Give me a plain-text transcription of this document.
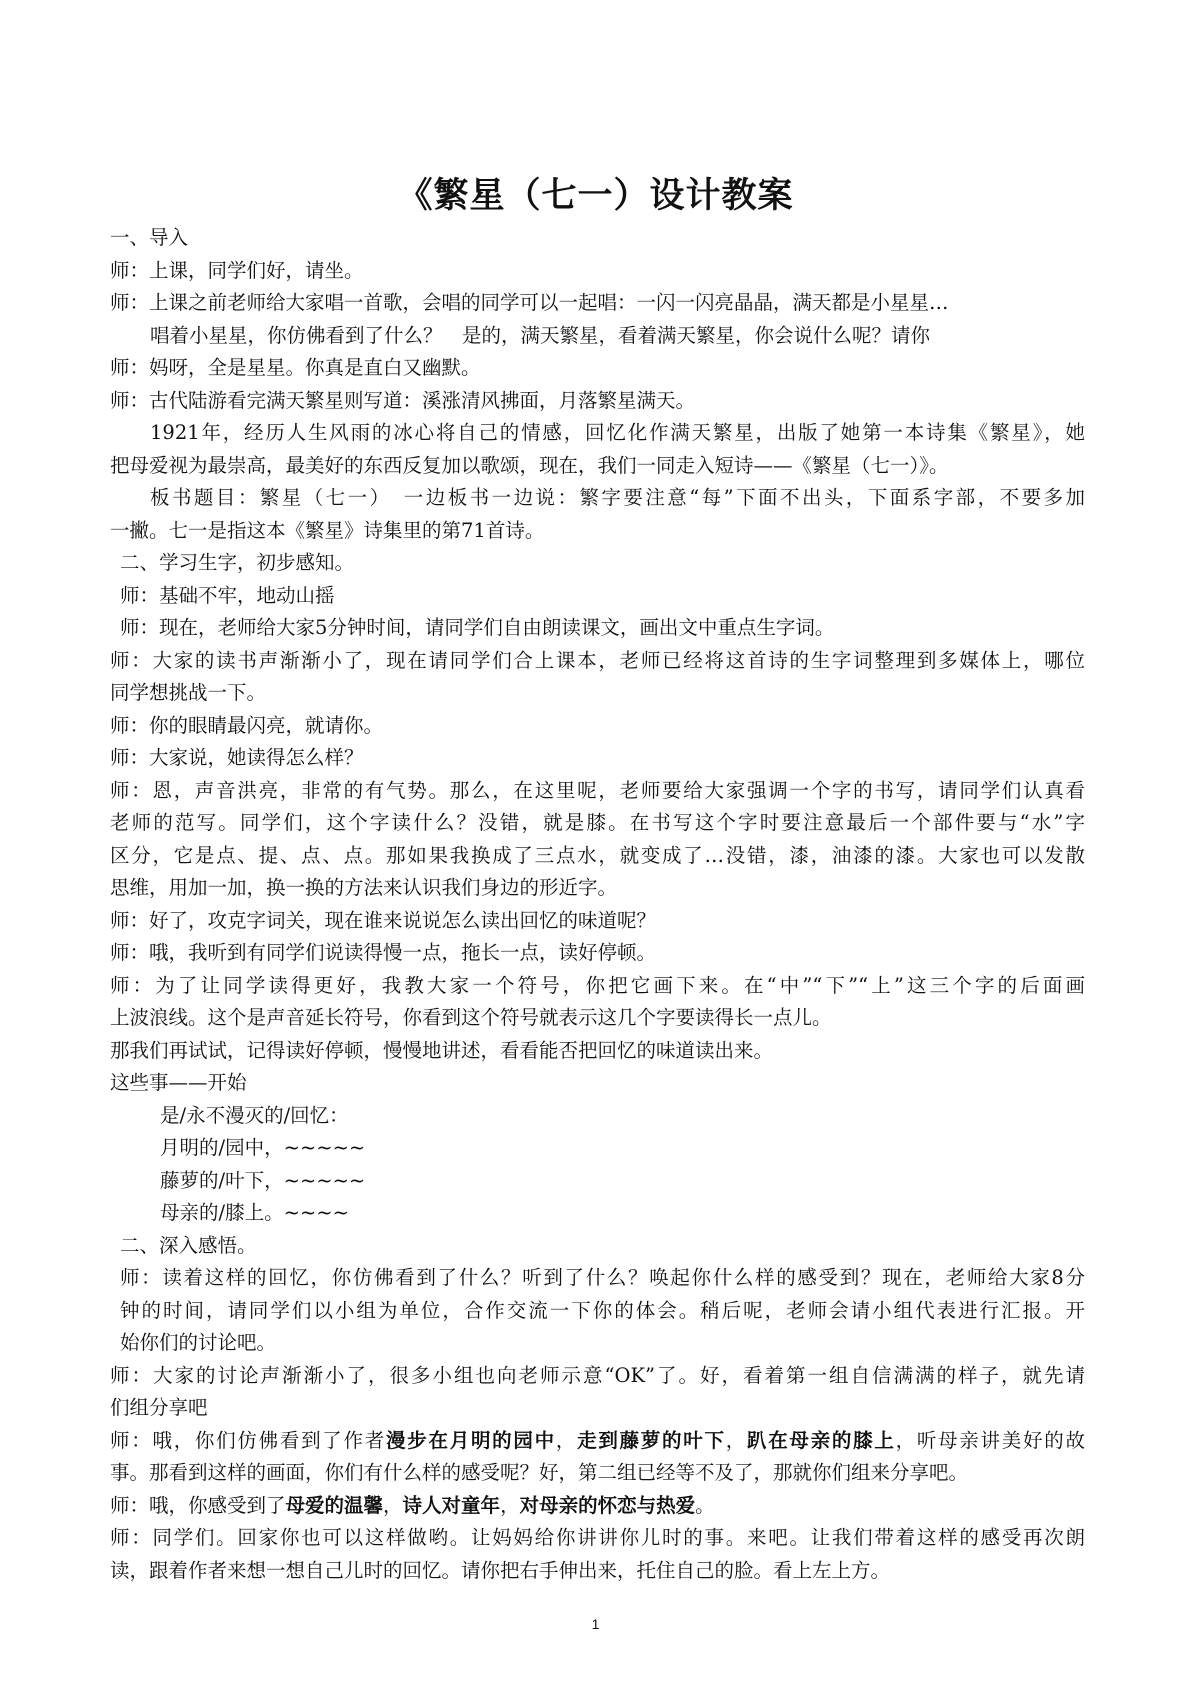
《繁星（七一）设计教案
一、导入
师：上课，同学们好，请坐。
师：上课之前老师给大家唱一首歌，会唱的同学可以一起唱：一闪一闪亮晶晶，满天都是小星星…
唱着小星星，你仿佛看到了什么？　是的，满天繁星，看着满天繁星，你会说什么呢？请你
师：妈呀，全是星星。你真是直白又幽默。
师：古代陆游看完满天繁星则写道：溪涨清风拂面，月落繁星满天。
1921年，经历人生风雨的冰心将自己的情感，回忆化作满天繁星，出版了她第一本诗集《繁星》，她
把母爱视为最崇高，最美好的东西反复加以歌颂，现在，我们一同走入短诗——《繁星（七一）》。
板书题目：繁星（七一）　一边板书一边说：繁字要注意“每”下面不出头，下面系字部，不要多加
一撇。七一是指这本《繁星》诗集里的第71首诗。
二、学习生字，初步感知。
师：基础不牢，地动山摇
师：现在，老师给大家5分钟时间，请同学们自由朗读课文，画出文中重点生字词。
师：大家的读书声渐渐小了，现在请同学们合上课本，老师已经将这首诗的生字词整理到多媒体上，哪位
同学想挑战一下。
师：你的眼睛最闪亮，就请你。
师：大家说，她读得怎么样？
师：恩，声音洪亮，非常的有气势。那么，在这里呢，老师要给大家强调一个字的书写，请同学们认真看
老师的范写。同学们，这个字读什么？没错，就是膝。在书写这个字时要注意最后一个部件要与“水”字
区分，它是点、提、点、点。那如果我换成了三点水，就变成了…没错，漆，油漆的漆。大家也可以发散
思维，用加一加，换一换的方法来认识我们身边的形近字。
师：好了，攻克字词关，现在谁来说说怎么读出回忆的味道呢？
师：哦，我听到有同学们说读得慢一点，拖长一点，读好停顿。
师：为了让同学读得更好，我教大家一个符号，你把它画下来。在“中”“下”“上”这三个字的后面画
上波浪线。这个是声音延长符号，你看到这个符号就表示这几个字要读得长一点儿。
那我们再试试，记得读好停顿，慢慢地讲述，看看能否把回忆的味道读出来。
这些事——开始
是/永不漫灭的/回忆：
月明的/园中，~~~~~
藤萝的/叶下，~~~~~
母亲的/膝上。~~~~
二、深入感悟。
师：读着这样的回忆，你仿佛看到了什么？听到了什么？唤起你什么样的感受到？现在，老师给大家8分
钟的时间，请同学们以小组为单位，合作交流一下你的体会。稍后呢，老师会请小组代表进行汇报。开
始你们的讨论吧。
师：大家的讨论声渐渐小了，很多小组也向老师示意“OK”了。好，看着第一组自信满满的样子，就先请
们组分享吧
师：哦，你们仿佛看到了作者漫步在月明的园中，走到藤萝的叶下，趴在母亲的膝上，听母亲讲美好的故
事。那看到这样的画面，你们有什么样的感受呢？好，第二组已经等不及了，那就你们组来分享吧。
师：哦，你感受到了母爱的温馨，诗人对童年，对母亲的怀恋与热爱。
师：同学们。回家你也可以这样做哟。让妈妈给你讲讲你儿时的事。来吧。让我们带着这样的感受再次朗
读，跟着作者来想一想自己儿时的回忆。请你把右手伸出来，托住自己的脸。看上左上方。
1
